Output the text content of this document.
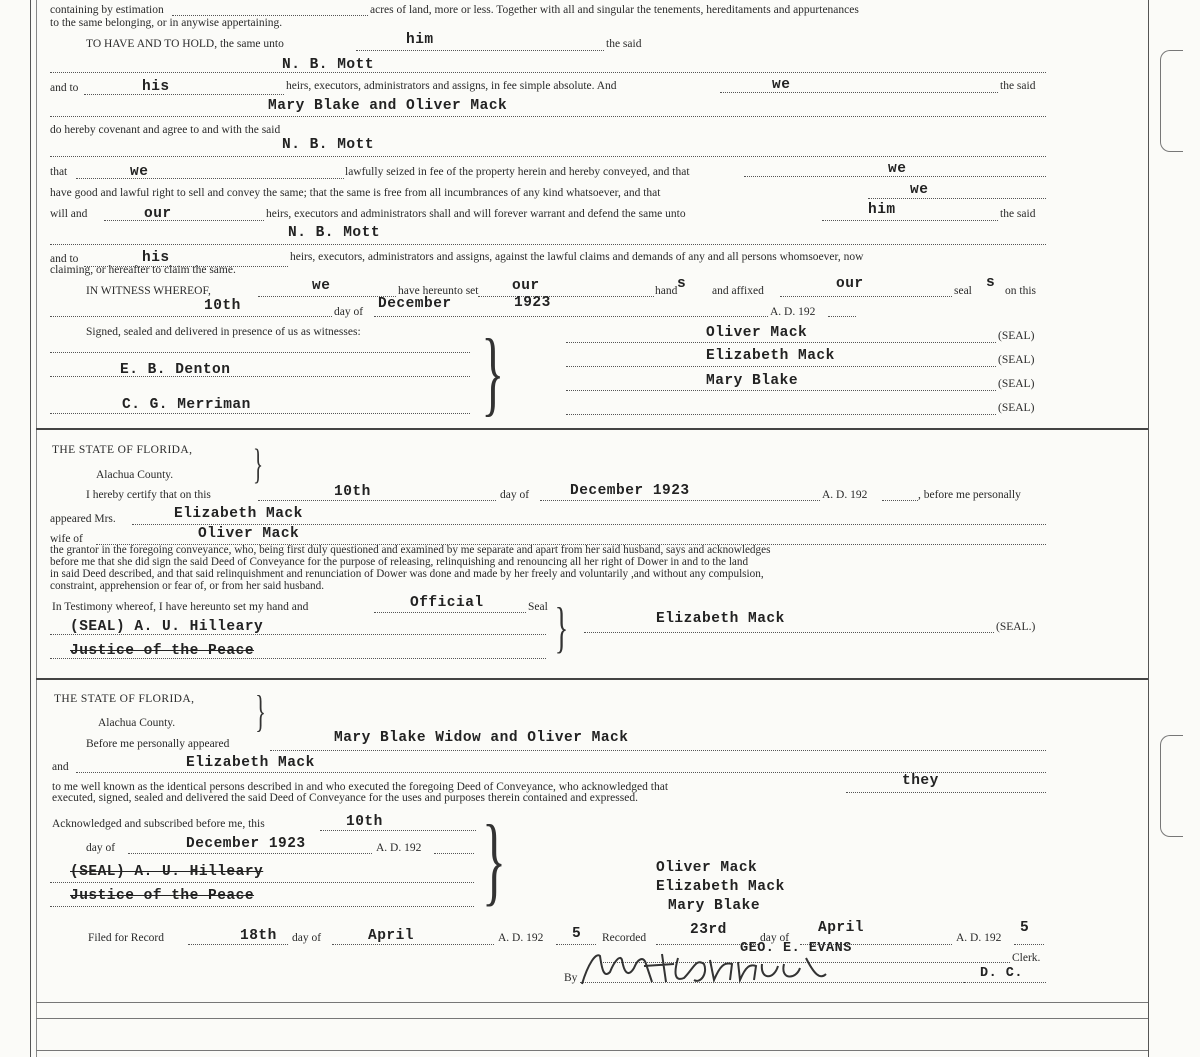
containing by estimation	acres of land, more or less. Together with all and singular the tenements, hereditaments and appurtenances
to the same belonging, or in anywise appertaining.
TO HAVE AND TO HOLD, the same unto	him	the said
N. B. Mott
and to	his	heirs, executors, administrators and assigns, in fee simple absolute. And	we	the said
Mary Blake and Oliver Mack
do hereby covenant and agree to and with the said
N. B. Mott
that	we	lawfully seized in fee of the property herein and hereby conveyed, and that	we
have good and lawful right to sell and convey the same; that the same is free from all incumbrances of any kind whatsoever, and that	we
will and	our	heirs, executors and administrators shall and will forever warrant and defend the same unto	him	the said
N. B. Mott
and to	his	heirs, executors, administrators and assigns, against the lawful claims and demands of any and all persons whomsoever, now
claiming, or hereafter to claim the same.
IN WITNESS WHEREOF,	we	have hereunto set our	hand s and affixed	our	seal s on this
10th	day of December	1923
A. D. 192
Signed, sealed and delivered in presence of us as witnesses:
E. B. Denton
C. G. Merriman }	Oliver Mack	(SEAL)
Elizabeth Mack	(SEAL)
Mary Blake	(SEAL)
(SEAL)
THE STATE OF FLORIDA,
Alachua County. }
I hereby certify that on this	10th	day of	December 1923	A. D. 192	, before me personally
appeared Mrs.	Elizabeth Mack
wife of	Oliver Mack
the grantor in the foregoing conveyance, who, being first duly questioned and examined by me separate and apart from her said husband, says and acknowledges
before me that she did sign the said Deed of Conveyance for the purpose of releasing, relinquishing and renouncing all her right of Dower in and to the land
in said Deed described, and that said relinquishment and renunciation of Dower was done and made by her freely and voluntarily ,and without any compulsion,
constraint, apprehension or fear of, or from her said husband.
In Testimony whereof, I have hereunto set my hand and	Official	Seal
(SEAL) A. U. Hilleary
Justice of the Peace	}	Elizabeth Mack	(SEAL.)
THE STATE OF FLORIDA,
Alachua County. }
Before me personally appeared	Mary Blake Widow and Oliver Mack
and	Elizabeth Mack
to me well known as the identical persons described in and who executed the foregoing Deed of Conveyance, who acknowledged that	they
executed, signed, sealed and delivered the said Deed of Conveyance for the uses and purposes therein contained and expressed.
Acknowledged and subscribed before me, this	10th
day of	December 1923	A. D. 192
(SEAL) A. U. Hilleary
Justice of the Peace }	Oliver Mack
Elizabeth Mack
Mary Blake
Filed for Record	18th day of	April	A. D. 192 5 Recorded	23rd	day of
April
A. D. 192
5
GEO. E. EVANS
Clerk.
By	D. C.
